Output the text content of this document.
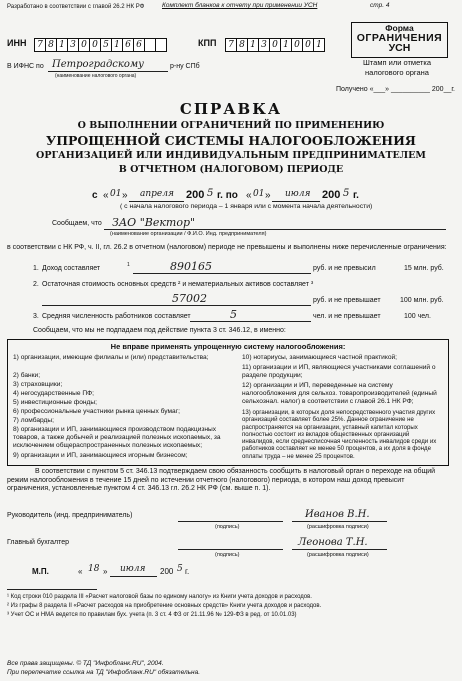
Разработано в соответствии с главой 26.2 НК РФ	Комплект бланков к отчету при применении УСН	стр. 4
Форма
ОГРАНИЧЕНИЯ
УСН
ИНН	7 8 1 3 0 0 5 1 6 6	КПП	7 8 1 3 0 1 0 0 1
В ИФНС по Петроградскому	р-ну СПб
(наименование налогового органа)
Штамп или отметка налогового органа
Получено «___» __________ 200__г.
СПРАВКА
О ВЫПОЛНЕНИИ ОГРАНИЧЕНИЙ ПО ПРИМЕНЕНИЮ
УПРОЩЕННОЙ СИСТЕМЫ НАЛОГООБЛОЖЕНИЯ
ОРГАНИЗАЦИЕЙ ИЛИ ИНДИВИДУАЛЬНЫМ ПРЕДПРИНИМАТЕЛЕМ
В ОТЧЕТНОМ (НАЛОГОВОМ) ПЕРИОДЕ
с « 01 » апреля 200 5 г. по « 01 » июля 200 5 г.
( с начала налогового периода – 1 января или с момента начала деятельности)
Сообщаем, что ЗАО "Вектор"
(наименование организации / Ф.И.О. Инд. предпринимателя)
в соответствии с НК РФ, ч. II, гл. 26.2 в отчетном (налоговом) периоде не превышены и выполнены ниже перечисленные ограничения:
1. Доход составляет	1	890165	руб. и не превысил	15 млн. руб.
2. Остаточная стоимость основных средств ² и нематериальных активов составляет ³
57002	руб. и не превышает	100 млн. руб.
3. Средняя численность работников составляет	5	чел. и не превышает	100 чел.
Сообщаем, что мы не подпадаем под действие пункта 3 ст. 346.12, в именно:
Не вправе применять упрощенную систему налогообложения:
1) организации, имеющие филиалы и (или) представительства;
2) банки;
3) страховщики;
4) негосударственные ПФ;
5) инвестиционные фонды;
6) профессиональные участники рынка ценных бумаг;
7) ломбарды;
8) организации и ИП, занимающиеся производством подакцизных товаров, а также добычей и реализацией полезных ископаемых, за исключением общераспространенных полезных ископаемых;
9) организации и ИП, занимающиеся игорным бизнесом;
10) нотариусы, занимающиеся частной практикой;
11) организации и ИП, являющиеся участниками соглашений о разделе продукции;
12) организации и ИП, переведенные на систему налогообложения для сельхоз. товаропроизводителей (единый сельхознал. налог) в соответствии с главой 26.1 НК РФ;
13) организации, в которых доля непосредственного участия других организаций составляет более 25%. Данное ограничение не распространяется на организации, уставный капитал которых полностью состоит из вкладов общественных организаций инвалидов, если среднесписочная численность инвалидов среди их работников составляет не менее 50 процентов, а их доля в фонде оплаты труда – не менее 25 процентов.
В соответствии с пунктом 5 ст. 346.13 подтверждаем свою обязанность сообщить в налоговый орган о переходе на общий режим налогообложения в течение 15 дней по истечении отчетного (налогового) периода, в котором наш доход превысит ограничения, установленные пунктом 4 ст. 346.13 гл. 26.2 НК РФ (см. выше п. 1).
Руководитель (инд. предприниматель)	Иванов В.Н.
(подпись)	(расшифровка подписи)
Главный бухгалтер	Леонова Т.Н.
(подпись)	(расшифровка подписи)
М.П.	« 18 » июля 200 5 г.
¹ Код строки 010 раздела III «Расчет налоговой базы по единому налогу» из Книги учета доходов и расходов.
² Из графы 8 раздела II «Расчет расходов на приобретение основных средств» Книги учета доходов и расходов.
³ Учет ОС и НМА ведется по правилам бух. учета (п. 3 ст. 4 ФЗ от 21.11.96 № 129-ФЗ в ред. от 10.01.03)
Все права защищены. © ТД "Инфобланк.RU", 2004.
При перепечатке ссылка на ТД "Инфобланк.RU" обязательна.
